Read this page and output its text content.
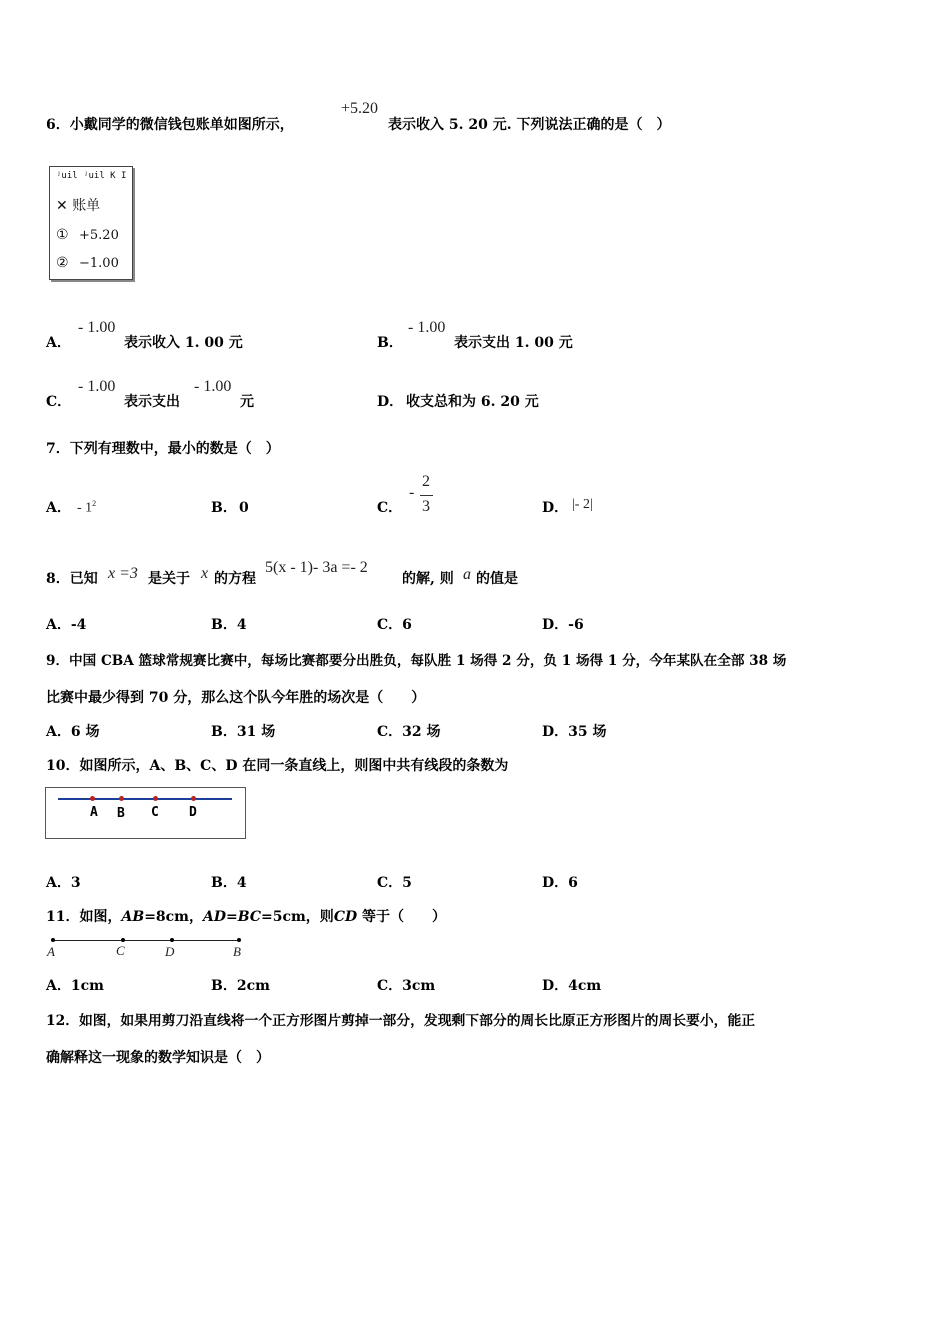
6．小戴同学的微信钱包账单如图所示，
+5.20
表示收入 5. 20 元. 下列说法正确的是（　）
ʲuil ʲuil K I
✕ 账单
① +5.20
② −1.00
A．
- 1.00
表示收入 1. 00 元	B．
- 1.00
表示支出 1. 00 元
C．
- 1.00
表示支出
- 1.00
元	D． 收支总和为 6. 20 元
7．下列有理数中，最小的数是（　）
A． - $1^2$	B． 0	C．
-
2
3	D． |- 2|
8．已知 x =3 是关于 x 的方程
5(x - 1)- 3a =- 2
的解, 则 a 的值是
A．-4	B．4	C．6	D．-6
9．中国 CBA 篮球常规赛比赛中，每场比赛都要分出胜负，每队胜 1 场得 2 分，负 1 场得 1 分，今年某队在全部 38 场
比赛中最少得到 70 分，那么这个队今年胜的场次是（　　）
A．6 场	B．31 场	C．32 场	D．35 场
10．如图所示，A、B、C、D 在同一条直线上，则图中共有线段的条数为
A B C D
A．3	B．4	C．5	D．6
11．如图，AB=8cm，AD=BC=5cm，则CD 等于（　　）
A	C	D	B
A．1cm	B．2cm	C．3cm	D．4cm
12．如图，如果用剪刀沿直线将一个正方形图片剪掉一部分，发现剩下部分的周长比原正方形图片的周长要小，能正
确解释这一现象的数学知识是（　）
